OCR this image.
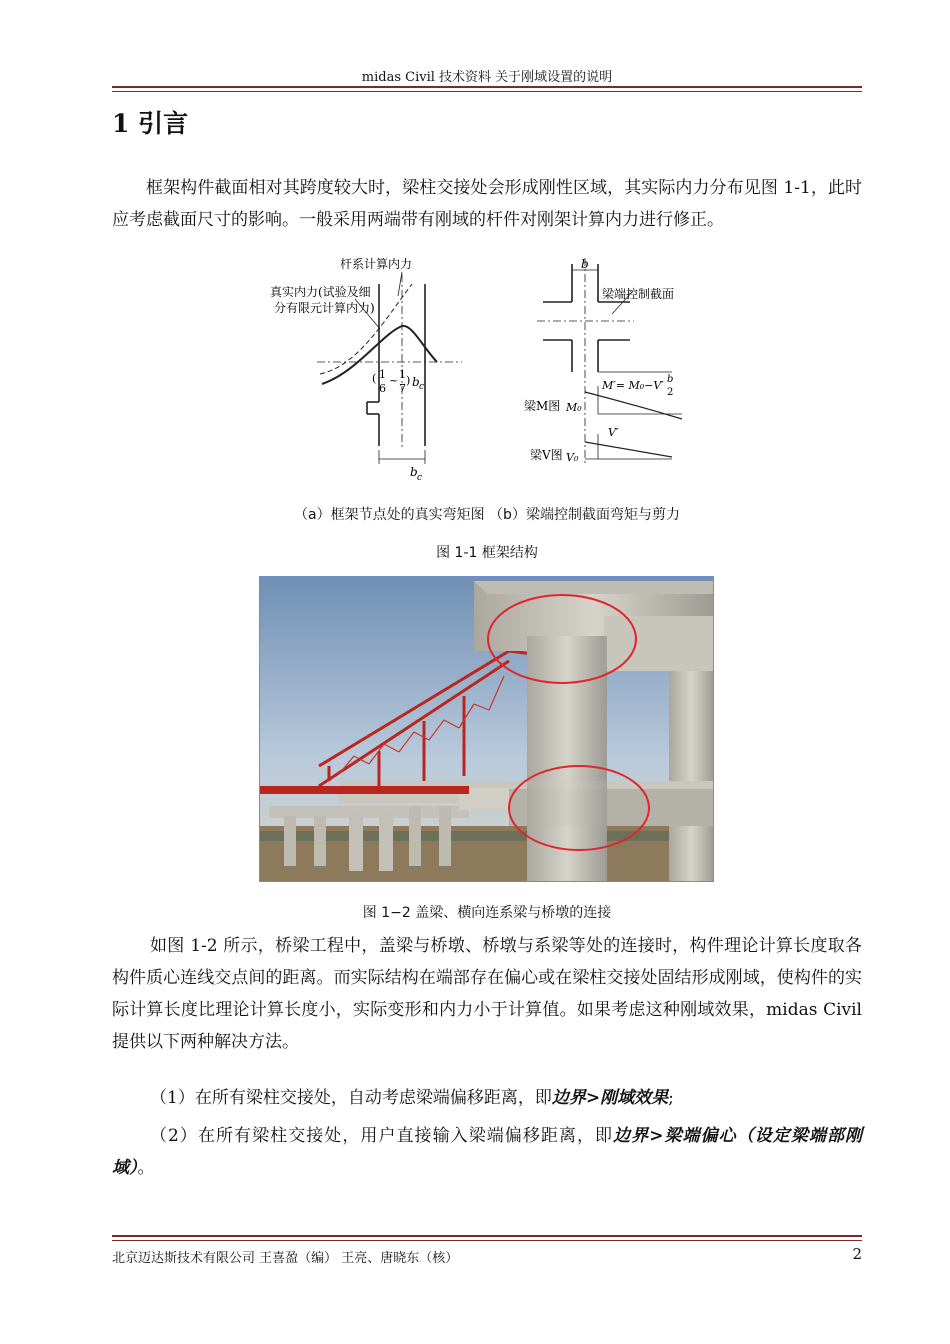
midas Civil 技术资料 关于刚域设置的说明
1 引言
框架构件截面相对其跨度较大时，梁柱交接处会形成刚性区域，其实际内力分布见图 1-1，此时应考虑截面尺寸的影响。一般采用两端带有刚域的杆件对刚架计算内力进行修正。
杆系计算内力
真实内力(试验及细
分有限元计算内力)
( 1
6
~ 1
7
) b c
b c
b
梁端控制截面
M′= M₀−V′ b
2
梁M图 M₀
V′
梁V图 V₀
（a）框架节点处的真实弯矩图 （b）梁端控制截面弯矩与剪力
图 1-1 框架结构
图 1−2 盖梁、横向连系梁与桥墩的连接
如图 1-2 所示，桥梁工程中，盖梁与桥墩、桥墩与系梁等处的连接时，构件理论计算长度取各构件质心连线交点间的距离。而实际结构在端部存在偏心或在梁柱交接处固结形成刚域，使构件的实际计算长度比理论计算长度小，实际变形和内力小于计算值。如果考虑这种刚域效果，midas Civil 提供以下两种解决方法。
（1）在所有梁柱交接处，自动考虑梁端偏移距离，即边界>刚域效果;
（2）在所有梁柱交接处，用户直接输入梁端偏移距离，即边界>梁端偏心（设定梁端部刚域）。
北京迈达斯技术有限公司 王喜盈（编） 王亮、唐晓东（核）	2
